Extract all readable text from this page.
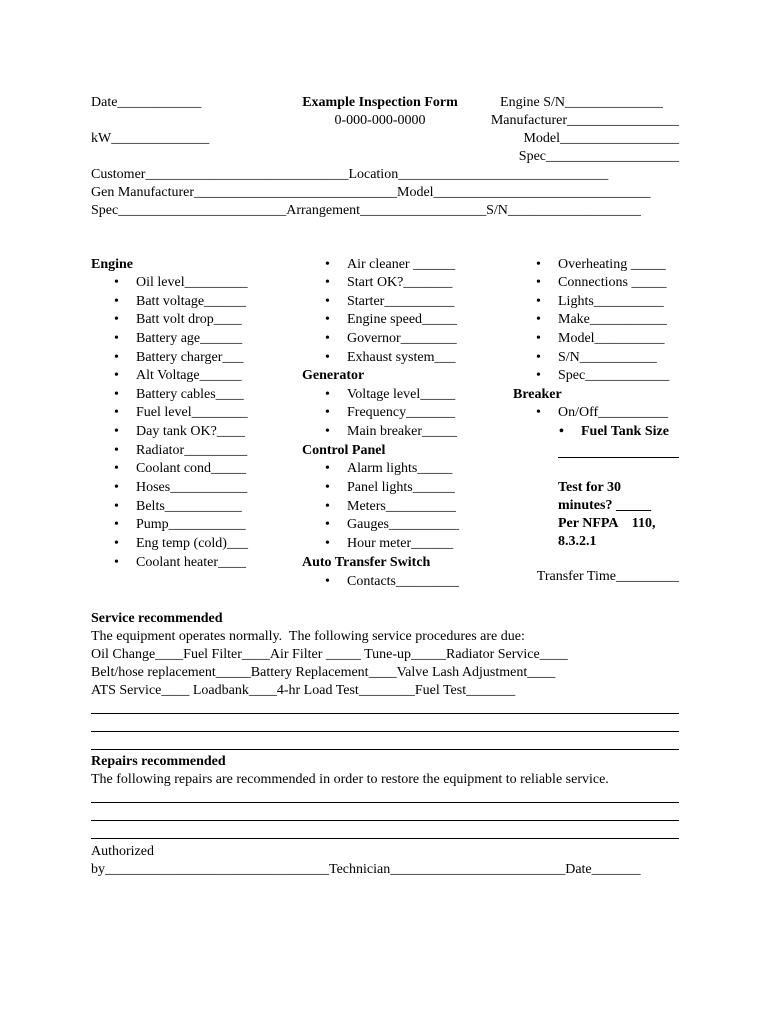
Date____________
kW______________
Example Inspection Form
0-000-000-0000
Engine S/N______________
Manufacturer________________
Model_________________
Spec___________________
Customer_____________________________Location______________________________
Gen Manufacturer_____________________________Model_______________________________
Spec________________________Arrangement__________________S/N___________________
Engine
• Oil level_________
• Batt voltage______
• Batt volt drop____
• Battery age______
• Battery charger___
• Alt Voltage______
• Battery cables____
• Fuel level________
• Day tank OK?____
• Radiator_________
• Coolant cond_____
• Hoses___________
• Belts___________
• Pump___________
• Eng temp (cold)___
• Coolant heater____
• Air cleaner ______
• Start OK?_______
• Starter__________
• Engine speed_____
• Governor________
• Exhaust system___
Generator
• Voltage level_____
• Frequency_______
• Main breaker_____
Control Panel
• Alarm lights_____
• Panel lights______
• Meters__________
• Gauges__________
• Hour meter______
Auto Transfer Switch
• Contacts_________
• Overheating _____
• Connections _____
• Lights__________
• Make___________
• Model__________
• S/N___________
• Spec____________
Breaker
• On/Off__________
• Fuel Tank Size
Test for 30
minutes? _____
Per NFPA    110,
8.3.2.1
Transfer Time_________
Service recommended
The equipment operates normally.  The following service procedures are due:
Oil Change____Fuel Filter____Air Filter _____ Tune-up_____Radiator Service____
Belt/hose replacement_____Battery Replacement____Valve Lash Adjustment____
ATS Service____ Loadbank____4-hr Load Test________Fuel Test_______
Repairs recommended
The following repairs are recommended in order to restore the equipment to reliable service.
Authorized
by________________________________Technician_________________________Date_______
